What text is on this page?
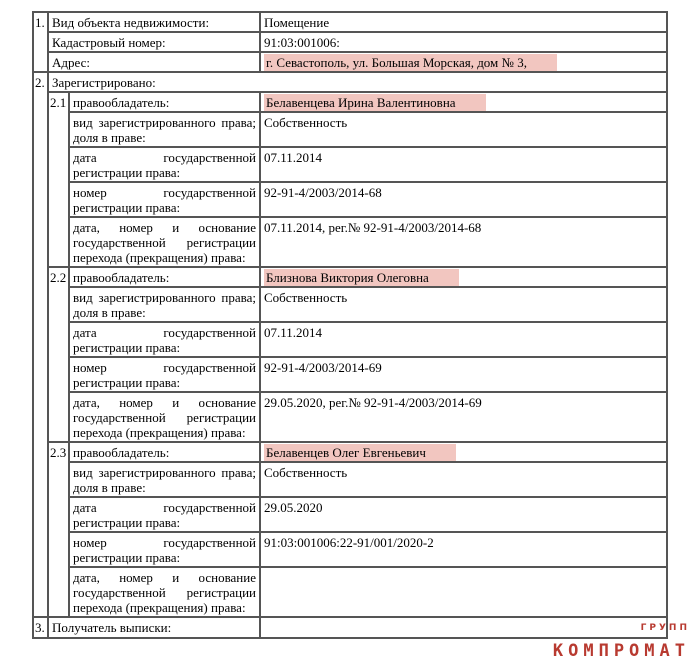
1.	Вид объекта недвижимости:		Помещение
	Кадастровый номер:		91:03:001006:
	Адрес:		г. Севастополь, ул. Большая Морская, дом № 3,
2.	Зарегистрировано:		
	2.1	правообладатель:	Белавенцева Ирина Валентиновна
		вид зарегистрированного права; доля в праве:	Собственность
		дата государственной регистрации права:	07.11.2014
		номер государственной регистрации права:	92-91-4/2003/2014-68
		дата, номер и основание государственной регистрации перехода (прекращения) права:	07.11.2014, рег.№ 92-91-4/2003/2014-68
	2.2	правообладатель:	Близнова Виктория Олеговна
		вид зарегистрированного права; доля в праве:	Собственность
		дата государственной регистрации права:	07.11.2014
		номер государственной регистрации права:	92-91-4/2003/2014-69
		дата, номер и основание государственной регистрации перехода (прекращения) права:	29.05.2020, рег.№ 92-91-4/2003/2014-69
	2.3	правообладатель:	Белавенцев Олег Евгеньевич
		вид зарегистрированного права; доля в праве:	Собственность
		дата государственной регистрации права:	29.05.2020
		номер государственной регистрации права:	91:03:001006:22-91/001/2020-2
		дата, номер и основание государственной регистрации перехода (прекращения) права:	
3.	Получатель выписки:			ГРУПП
КОМПРОМАТ
